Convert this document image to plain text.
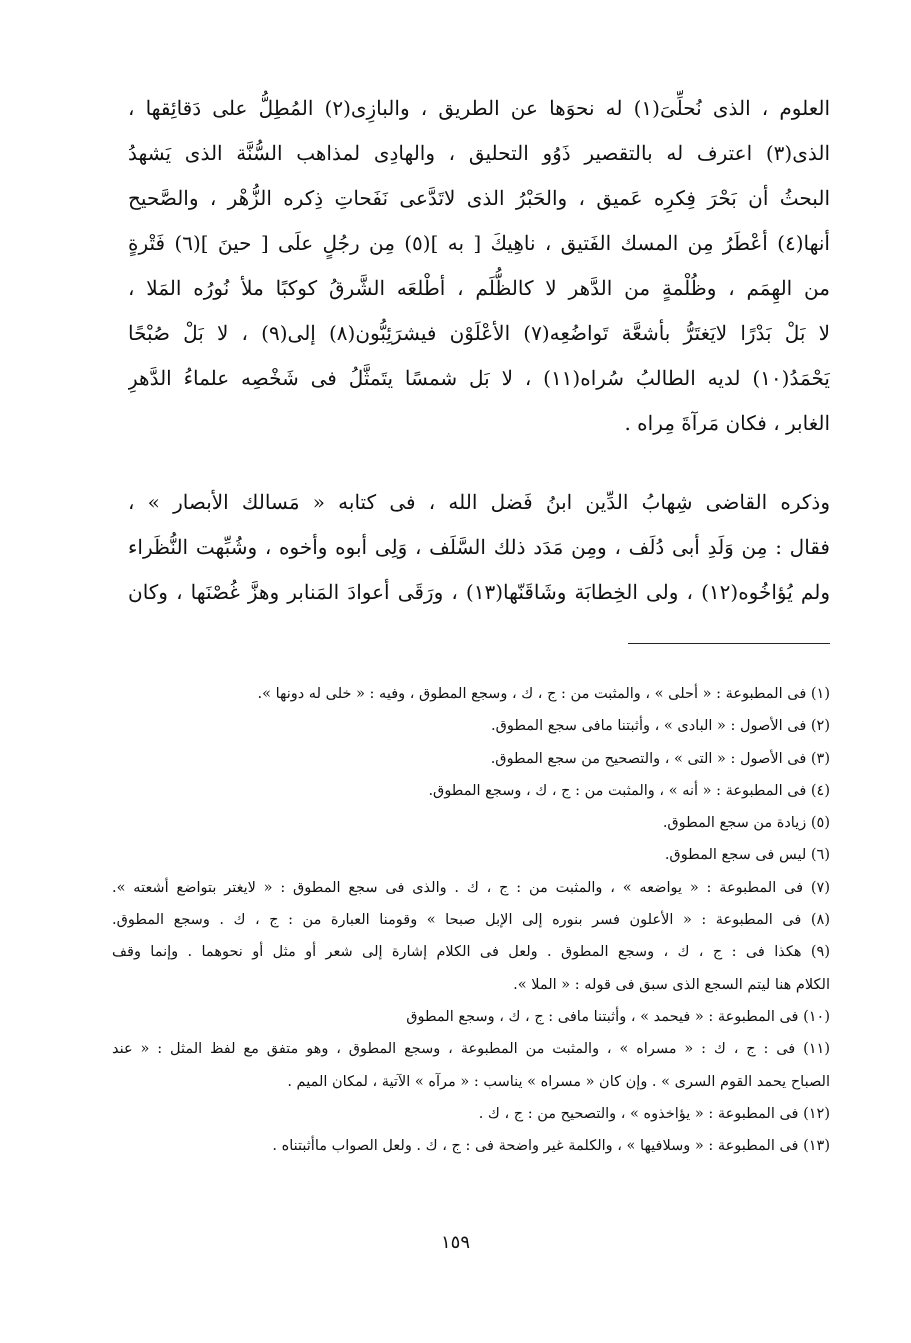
العلوم ، الذى نُحلِّىَ(١) له نحوَها عن الطريق ، والبازِى(٢) المُطِلُّ على دَقائِقها ،
الذى(٣) اعترف له بالتقصير ذَوُو التحليق ، والهادِى لمذاهب السُّنَّة الذى يَشهدُ
البحثُ أن بَحْرَ فِكرِه عَميق ، والحَبْرُ الذى لاتَدَّعى نَفَحاتِ ذِكره الزُّهْر ، والصَّحيح
أنها(٤) أعْطَرُ مِن المسك الفَتيق ، ناهِيكَ [ به ](٥) مِن رجُلٍ علَى [ حينَ ](٦) فَتْرةٍ
من الهِمَم ، وظُلْمةٍ من الدَّهر لا كالظُّلَم ، أطْلعَه الشَّرقُ كوكبًا ملأ نُورُه المَلا ،
لا بَلْ بَدْرًا لايَغتَرُّ بأشعَّة تَواضُعِه(٧) الأعْلَوْن فيشرَئِبُّون(٨) إلى(٩) ، لا بَلْ صُبْحًا
يَحْمَدُ(١٠) لديه الطالبُ سُراه(١١) ، لا بَل شمسًا يتَمثَّلُ فى شَخْصِه علماءُ الدَّهرِ
الغابر ، فكان مَرآةَ مِراه .
وذكره القاضى شِهابُ الدِّين ابنُ فَضل الله ، فى كتابه « مَسالك الأبصار » ،
فقال : مِن وَلَدِ أبى دُلَف ، ومِن مَدَد ذلك السَّلَف ، وَلِى أبوه وأخوه ، وشُبِّهت النُّظَراء
ولم يُؤاخُوه(١٢) ، ولى الخِطابَة وشَاقَنّها(١٣) ، ورَقَى أعوادَ المَنابر وهزَّ غُصْنَها ، وكان
(١) فى المطبوعة : « أحلى » ، والمثبت من : ج ، ك ، وسجع المطوق ، وفيه : « خلى له دونها ».
(٢) فى الأصول : « البادى » ، وأثبتنا مافى سجع المطوق.
(٣) فى الأصول : « التى » ، والتصحيح من سجع المطوق.
(٤) فى المطبوعة : « أنه » ، والمثبت من : ج ، ك ، وسجع المطوق.
(٥) زيادة من سجع المطوق.
(٦) ليس فى سجع المطوق.
(٧) فى المطبوعة : « يواضعه » ، والمثبت من : ج ، ك . والذى فى سجع المطوق : « لايغتر بتواضع أشعته ».
(٨) فى المطبوعة : « الأعلون فسر بنوره إلى الإبل صبحا » وقومنا العبارة من : ج ، ك . وسجع المطوق.
(٩) هكذا فى : ج ، ك ، وسجع المطوق . ولعل فى الكلام إشارة إلى شعر أو مثل أو نحوهما . وإنما وقف
الكلام هنا ليتم السجع الذى سبق فى قوله : « الملا ».
(١٠) فى المطبوعة : « فيحمد » ، وأثبتنا مافى : ج ، ك ، وسجع المطوق
(١١) فى : ج ، ك : « مسراه » ، والمثبت من المطبوعة ، وسجع المطوق ، وهو متفق مع لفظ المثل : « عند
الصباح يحمد القوم السرى » . وإن كان « مسراه » يناسب : « مرآه » الآتية ، لمكان الميم .
(١٢) فى المطبوعة : « يؤاخذوه » ، والتصحيح من : ج ، ك .
(١٣) فى المطبوعة : « وسلافيها » ، والكلمة غير واضحة فى : ج ، ك . ولعل الصواب ماأثبتناه .
١٥٩
